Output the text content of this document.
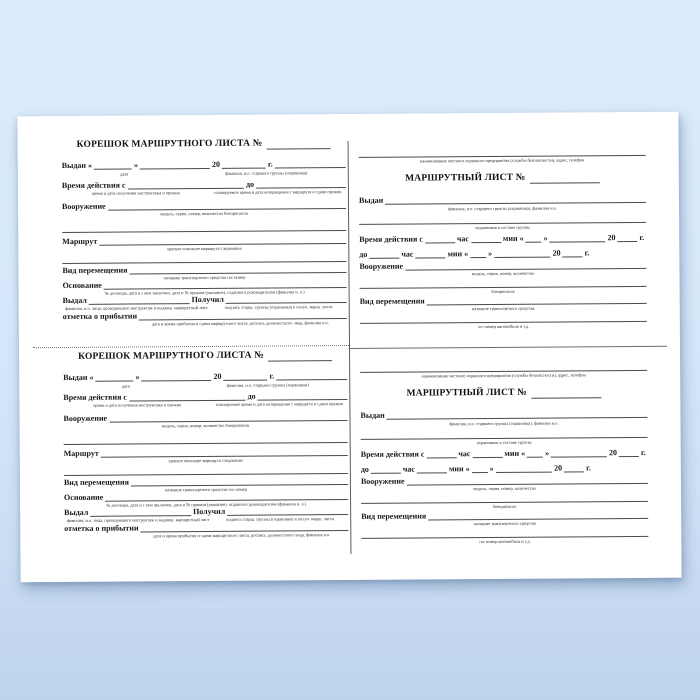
КОРЕШОК МАРШРУТНОГО ЛИСТА №
Выдан «	»	20	г.
дата	фамилия, и.о. старшего группы (охранника)
Время действия с	до
время и дата получения инструктажа и оружия	планируемое время и дата возвращения с маршрута и сдачи оружия
Вооружение
модель, серия, номер, количество боеприпасов
Маршрут
краткое описание маршрута следования
Вид перемещения
название транспортного средства гос номер
Основание
№ договора, дата и с кем заключен, дата и № приказа (указание), отданного руководителем (фамилия и. о.)
Выдал	Получил
фамилия, и.о. лица, проводившего инструктаж и выдавш. маршрутный лист	подпись старш. группы (охранника) в получ. марш. листа
отметка о прибытии
дата и время прибытия и сдачи маршрутного листа, роспись должностного лица, фамилия и.о.
КОРЕШОК МАРШРУТНОГО ЛИСТА №
Выдан «	»	20	г.
дата	фамилия, и.о. старшего группы (охранника)
Время действия с	до
время и дата получения инструктажа и оружия	планируемое время и дата возвращения с маршрута и сдачи оружия
Вооружение
модель, серия, номер, количество боеприпасов
Маршрут
краткое описание маршрута следования
Вид перемещения
название транспортного средства гос номер
Основание
№ договора, дата и с кем заключен, дата и № приказа (указание), отданного руководителем (фамилия и. о.)
Выдал	Получил
фамилия, и.о. лица, проводившего инструктаж и выдавш. маршрутный лист	подпись старш. группы (охранника) в получ. марш. листа
отметка о прибытии
дата и время прибытия и сдачи маршрутного листа, роспись должностного лица, фамилия и.о.
наименование частного охранного предприятия (службы безопасности), адрес, телефон
МАРШРУТНЫЙ ЛИСТ №
Выдан
фамилия, и.о. старшего группы (охранника), фамилии и.о.
охранников в составе группы
Время действия с	час	мин « »	20	г.
до	час	мин « »	20	г.
Вооружение
модель, серия, номер, количество
боеприпасов
Вид перемещения
название транспортного средства
гос номер автомобиля и т.д.
наименование частного охранного предприятия (службы безопасности), адрес, телефон
МАРШРУТНЫЙ ЛИСТ №
Выдан
фамилия, и.о. старшего группы (охранника), фамилии и.о.
охранников в составе группы
Время действия с	час	мин « »	20	г.
до	час	мин « »	20	г.
Вооружение
модель, серия, номер, количество
боеприпасов
Вид перемещения
название транспортного средства
гос номер автомобиля и т.д.
